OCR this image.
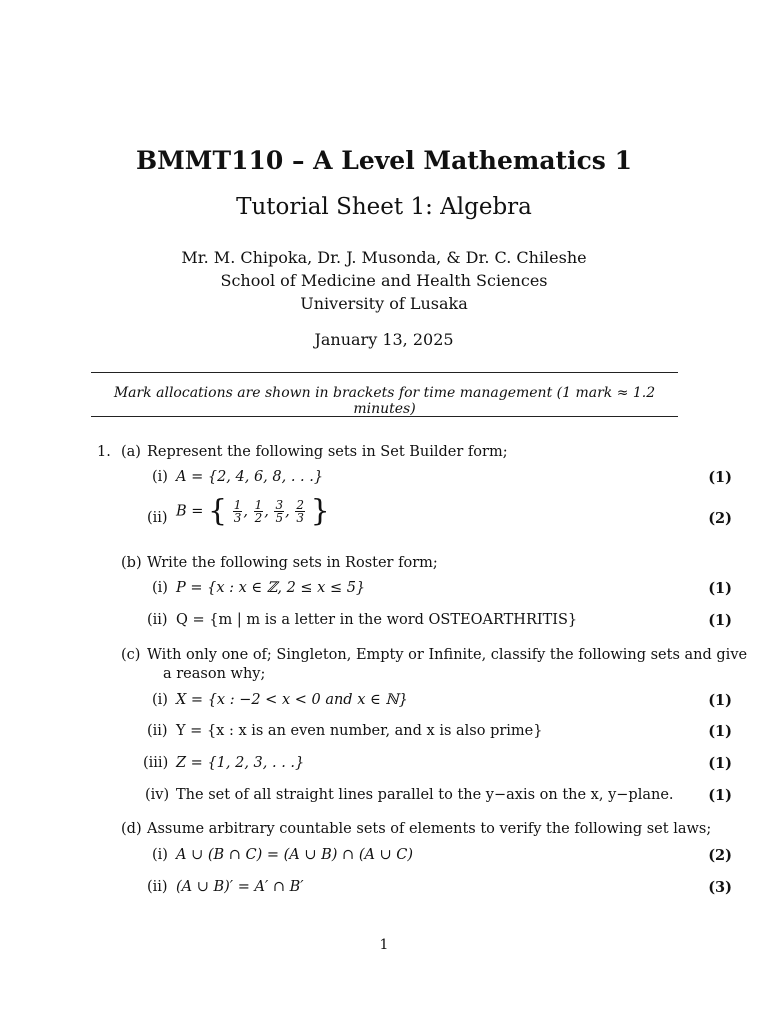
BMMT110 – A Level Mathematics 1
Tutorial Sheet 1: Algebra
Mr. M. Chipoka, Dr. J. Musonda, & Dr. C. Chileshe
School of Medicine and Health Sciences
University of Lusaka
January 13, 2025
Mark allocations are shown in brackets for time management (1 mark ≈ 1.2 minutes)
1. (a) Represent the following sets in Set Builder form;
(i) A = {2, 4, 6, 8, . . .}	(1)
(ii) B = { $\frac{1}{3}$ , $\frac{1}{2}$ , $\frac{3}{5}$ , $\frac{2}{3}$ }	(2)
(b) Write the following sets in Roster form;
(i) P = {x : x ∈ ℤ, 2 ≤ x ≤ 5}	(1)
(ii) Q = {m | m is a letter in the word OSTEOARTHRITIS}	(1)
(c) With only one of; Singleton, Empty or Infinite, classify the following sets and give
a reason why;
(i) X = {x : −2 < x < 0 and x ∈ ℕ}	(1)
(ii) Y = {x : x is an even number, and x is also prime}	(1)
(iii) Z = {1, 2, 3, . . .}	(1)
(iv) The set of all straight lines parallel to the y−axis on the x, y−plane. (1)
(d) Assume arbitrary countable sets of elements to verify the following set laws;
(i) A ∪ (B ∩ C) = (A ∪ B) ∩ (A ∪ C)	(2)
(ii) (A ∪ B)′ = A′ ∩ B′	(3)
1
